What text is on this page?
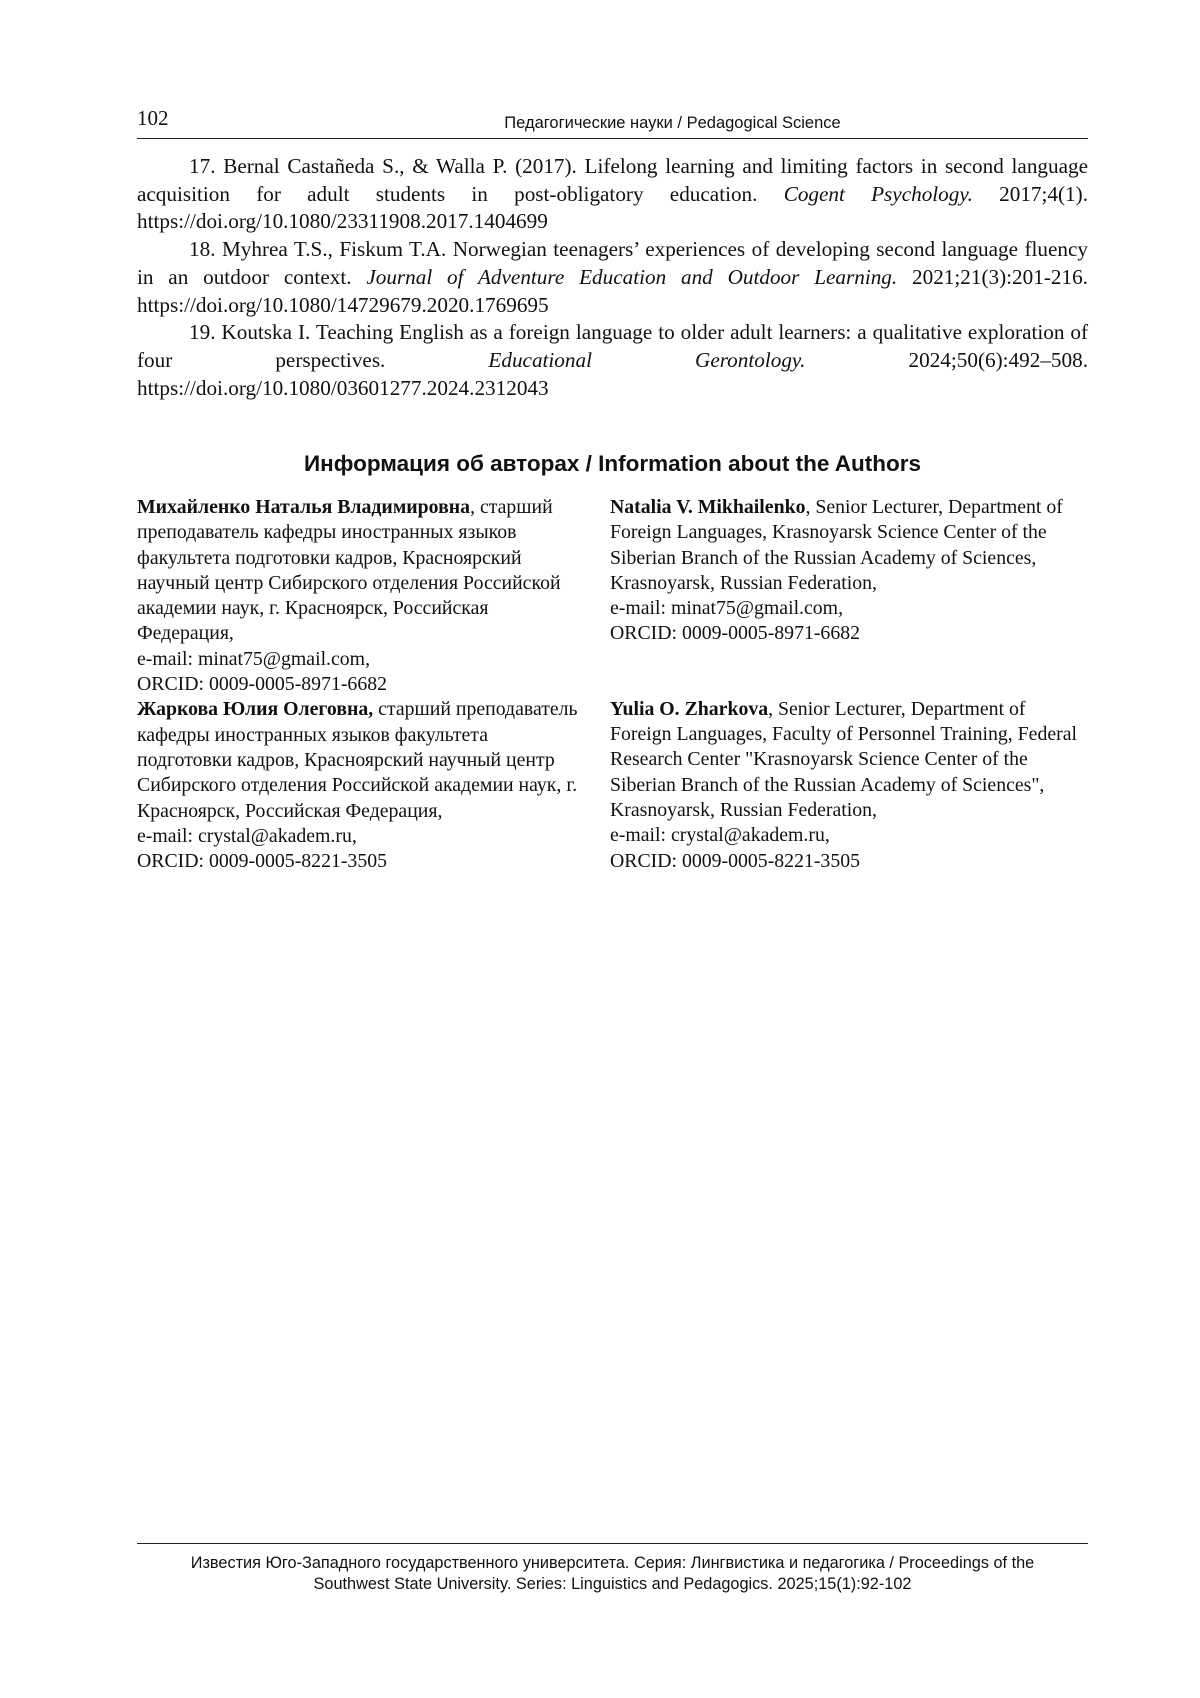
102	Педагогические науки / Pedagogical Science

17. Bernal Castañeda S., & Walla P. (2017). Lifelong learning and limiting factors in second language acquisition for adult students in post-obligatory education. Cogent Psychology. 2017;4(1). https://doi.org/10.1080/23311908.2017.1404699

18. Myhrea T.S., Fiskum T.A. Norwegian teenagers’ experiences of developing second language fluency in an outdoor context. Journal of Adventure Education and Outdoor Learning. 2021;21(3):201-216. https://doi.org/10.1080/14729679.2020.1769695

19. Koutska I. Teaching English as a foreign language to older adult learners: a qualitative exploration of four perspectives. Educational Gerontology. 2024;50(6):492–508. https://doi.org/10.1080/03601277.2024.2312043

Информация об авторах / Information about the Authors

Михайленко Наталья Владимировна, старший преподаватель кафедры иностранных языков факультета подготовки кадров, Красноярский научный центр Сибирского отделения Российской академии наук, г. Красноярск, Российская Федерация,
e-mail: minat75@gmail.com,
ORCID: 0009-0005-8971-6682

Жаркова Юлия Олеговна, старший преподаватель кафедры иностранных языков факультета подготовки кадров, Красноярский научный центр Сибирского отделения Российской академии наук, г. Красноярск, Российская Федерация,
e-mail: crystal@akadem.ru,
ORCID: 0009-0005-8221-3505

Natalia V. Mikhailenko, Senior Lecturer, Department of Foreign Languages, Krasnoyarsk Science Center of the Siberian Branch of the Russian Academy of Sciences, Krasnoyarsk, Russian Federation,
e-mail: minat75@gmail.com,
ORCID: 0009-0005-8971-6682

Yulia O. Zharkova, Senior Lecturer, Department of Foreign Languages, Faculty of Personnel Training, Federal Research Center "Krasnoyarsk Science Center of the Siberian Branch of the Russian Academy of Sciences", Krasnoyarsk, Russian Federation,
e-mail: crystal@akadem.ru,
ORCID: 0009-0005-8221-3505

Известия Юго-Западного государственного университета. Серия: Лингвистика и педагогика / Proceedings of the
Southwest State University. Series: Linguistics and Pedagogics. 2025;15(1):92-102
